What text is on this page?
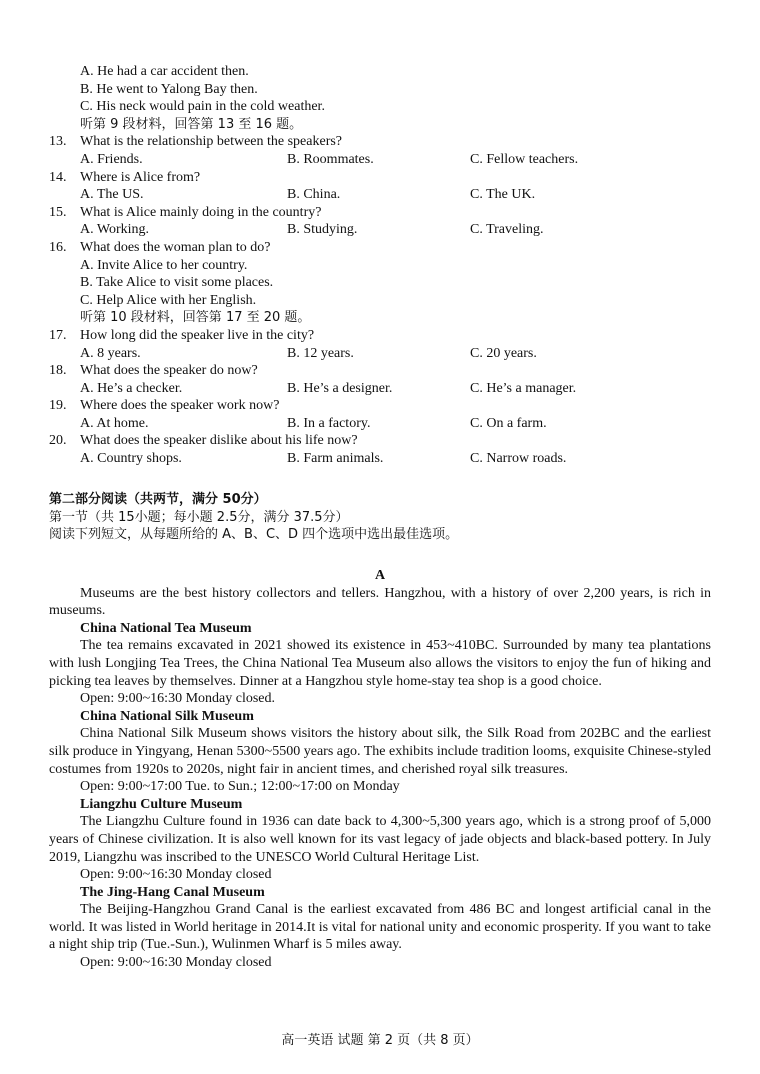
A. He had a car accident then.
B. He went to Yalong Bay then.
C. His neck would pain in the cold weather.
听第 9 段材料，回答第 13 至 16 题。
13. What is the relationship between the speakers?
A. Friends.	B. Roommates.	C. Fellow teachers.
14. Where is Alice from?
A. The US.	B. China.	C. The UK.
15. What is Alice mainly doing in the country?
A. Working.	B. Studying.	C. Traveling.
16. What does the woman plan to do?
A. Invite Alice to her country.
B. Take Alice to visit some places.
C. Help Alice with her English.
听第 10 段材料，回答第 17 至 20 题。
17. How long did the speaker live in the city?
A. 8 years.	B. 12 years.	C. 20 years.
18. What does the speaker do now?
A. He’s a checker.	B. He’s a designer.	C. He’s a manager.
19. Where does the speaker work now?
A. At home.	B. In a factory.	C. On a farm.
20. What does the speaker dislike about his life now?
A. Country shops.	B. Farm animals.	C. Narrow roads.
第二部分阅读（共两节，满分 50分）
第一节（共 15小题；每小题 2.5分，满分 37.5分）
阅读下列短文，从每题所给的 A、B、C、D 四个选项中选出最佳选项。
A
Museums are the best history collectors and tellers. Hangzhou, with a history of over 2,200 years, is rich in museums.
China National Tea Museum
The tea remains excavated in 2021 showed its existence in 453~410BC. Surrounded by many tea plantations with lush Longjing Tea Trees, the China National Tea Museum also allows the visitors to enjoy the fun of hiking and picking tea leaves by themselves. Dinner at a Hangzhou style home-stay tea shop is a good choice.
Open: 9:00~16:30 Monday closed.
China National Silk Museum
China National Silk Museum shows visitors the history about silk, the Silk Road from 202BC and the earliest silk produce in Yingyang, Henan 5300~5500 years ago. The exhibits include tradition looms, exquisite Chinese-styled costumes from 1920s to 2020s, night fair in ancient times, and cherished royal silk treasures.
Open: 9:00~17:00 Tue. to Sun.; 12:00~17:00 on Monday
Liangzhu Culture Museum
The Liangzhu Culture found in 1936 can date back to 4,300~5,300 years ago, which is a strong proof of 5,000 years of Chinese civilization. It is also well known for its vast legacy of jade objects and black-based pottery. In July 2019, Liangzhu was inscribed to the UNESCO World Cultural Heritage List.
Open: 9:00~16:30 Monday closed
The Jing-Hang Canal Museum
The Beijing-Hangzhou Grand Canal is the earliest excavated from 486 BC and longest artificial canal in the world. It was listed in World heritage in 2014.It is vital for national unity and economic prosperity. If you want to take a night ship trip (Tue.-Sun.), Wulinmen Wharf is 5 miles away.
Open: 9:00~16:30 Monday closed
高一英语 试题 第 2 页（共 8 页）
